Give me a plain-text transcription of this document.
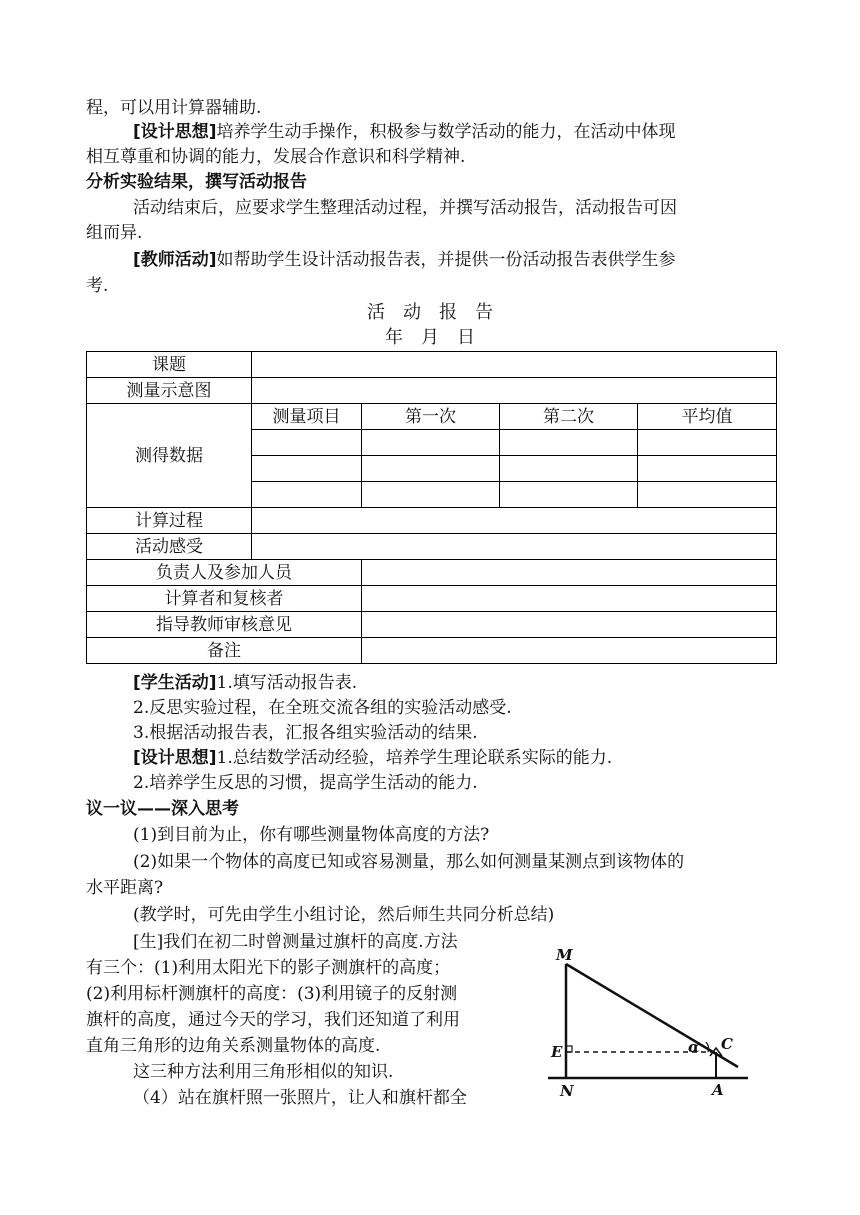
程，可以用计算器辅助.
[设计思想]培养学生动手操作，积极参与数学活动的能力，在活动中体现
相互尊重和协调的能力，发展合作意识和科学精神.
分析实验结果，撰写活动报告
活动结束后，应要求学生整理活动过程，并撰写活动报告，活动报告可因
组而异.
[教师活动]如帮助学生设计活动报告表，并提供一份活动报告表供学生参
考.
活　动　报　告
年　月　日
课题				
测量示意图				
测得数据	测量项目	第一次	第二次	平均值

计算过程				
活动感受				
负责人及参加人员				
计算者和复核者				
指导教师审核意见				
备注				
[学生活动]1.填写活动报告表.
2.反思实验过程，在全班交流各组的实验活动感受.
3.根据活动报告表，汇报各组实验活动的结果.
[设计思想]1.总结数学活动经验，培养学生理论联系实际的能力.
2.培养学生反思的习惯，提高学生活动的能力.
议一议——深入思考
(1)到目前为止，你有哪些测量物体高度的方法?
(2)如果一个物体的高度已知或容易测量，那么如何测量某测点到该物体的
水平距离?
(教学时，可先由学生小组讨论，然后师生共同分析总结)
[生]我们在初二时曾测量过旗杆的高度.方法
有三个：(1)利用太阳光下的影子测旗杆的高度；
(2)利用标杆测旗杆的高度：(3)利用镜子的反射测
旗杆的高度，通过今天的学习，我们还知道了利用
直角三角形的边角关系测量物体的高度.
这三种方法利用三角形相似的知识.
（4）站在旗杆照一张照片，让人和旗杆都全
M
E
N
C
A
α
